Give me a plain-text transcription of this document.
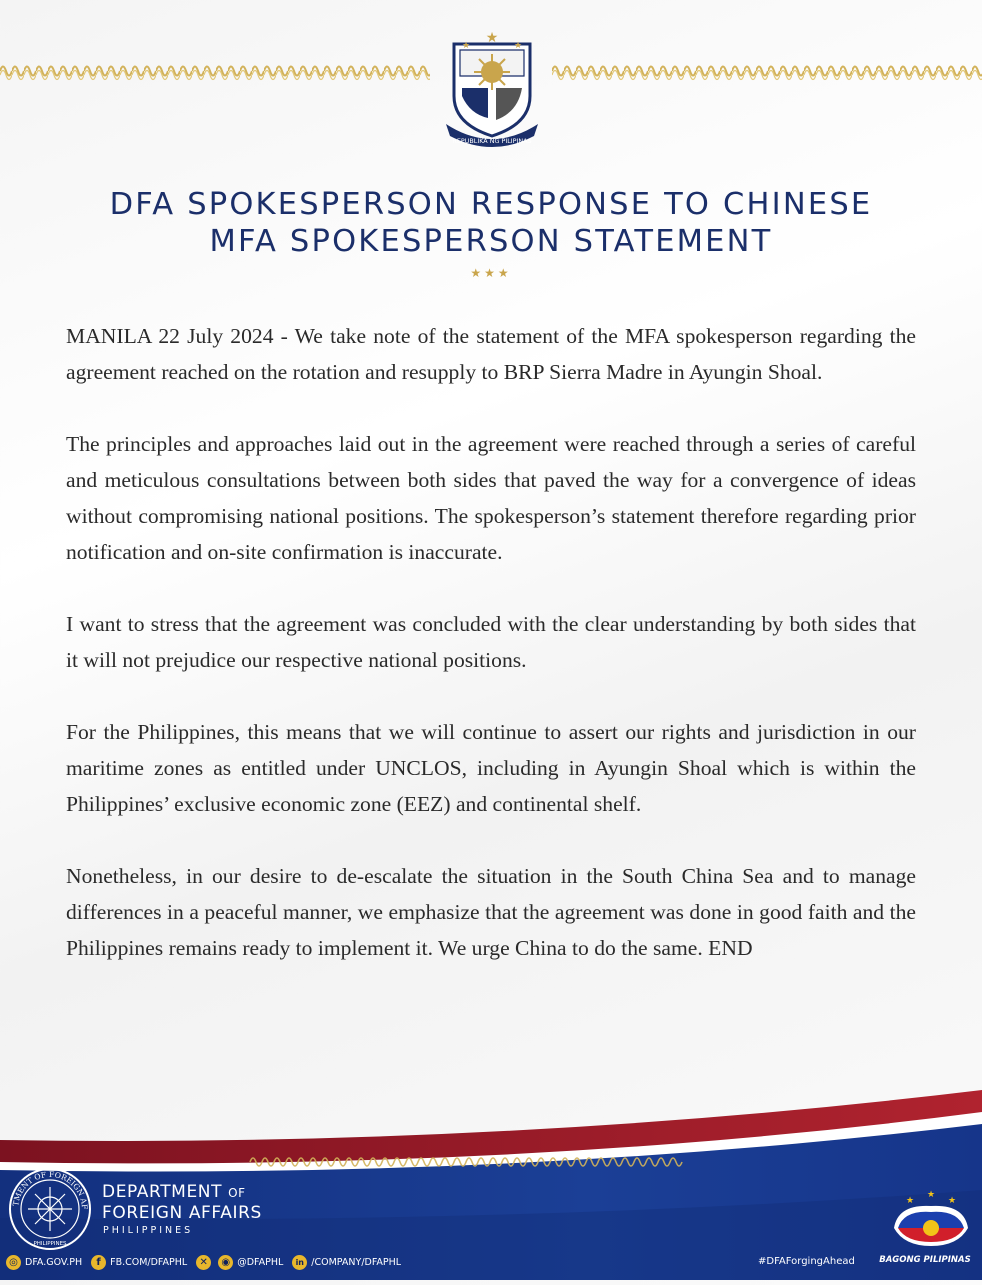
★
★	★
REPUBLIKA NG PILIPINAS
DFA SPOKESPERSON RESPONSE TO CHINESE
MFA SPOKESPERSON STATEMENT
★★★

MANILA 22 July 2024 - We take note of the statement of the MFA spokesperson regarding the agreement reached on the rotation and resupply to BRP Sierra Madre in Ayungin Shoal.

The principles and approaches laid out in the agreement were reached through a series of careful and meticulous consultations between both sides that paved the way for a convergence of ideas without compromising national positions. The spokesperson’s statement therefore regarding prior notification and on-site confirmation is inaccurate.

I want to stress that the agreement was concluded with the clear understanding by both sides that it will not prejudice our respective national positions.

For the Philippines, this means that we will continue to assert our rights and jurisdiction in our maritime zones as entitled under UNCLOS, including in Ayungin Shoal which is within the Philippines’ exclusive economic zone (EEZ) and continental shelf.

Nonetheless, in our desire to de-escalate the situation in the South China Sea and to manage differences in a peaceful manner, we emphasize that the agreement was done in good faith and the Philippines remains ready to implement it. We urge China to do the same. END

TMENT OF FOREIGN AF
PHILIPPINES
DEPARTMENT OF
FOREIGN AFFAIRS
PHILIPPINES
◎ DFA.GOV.PH	f FB.COM/DFAPHL	✕	◉ @DFAPHL	in /COMPANY/DFAPHL	#DFAForgingAhead
★
★	★
BAGONG PILIPINAS
